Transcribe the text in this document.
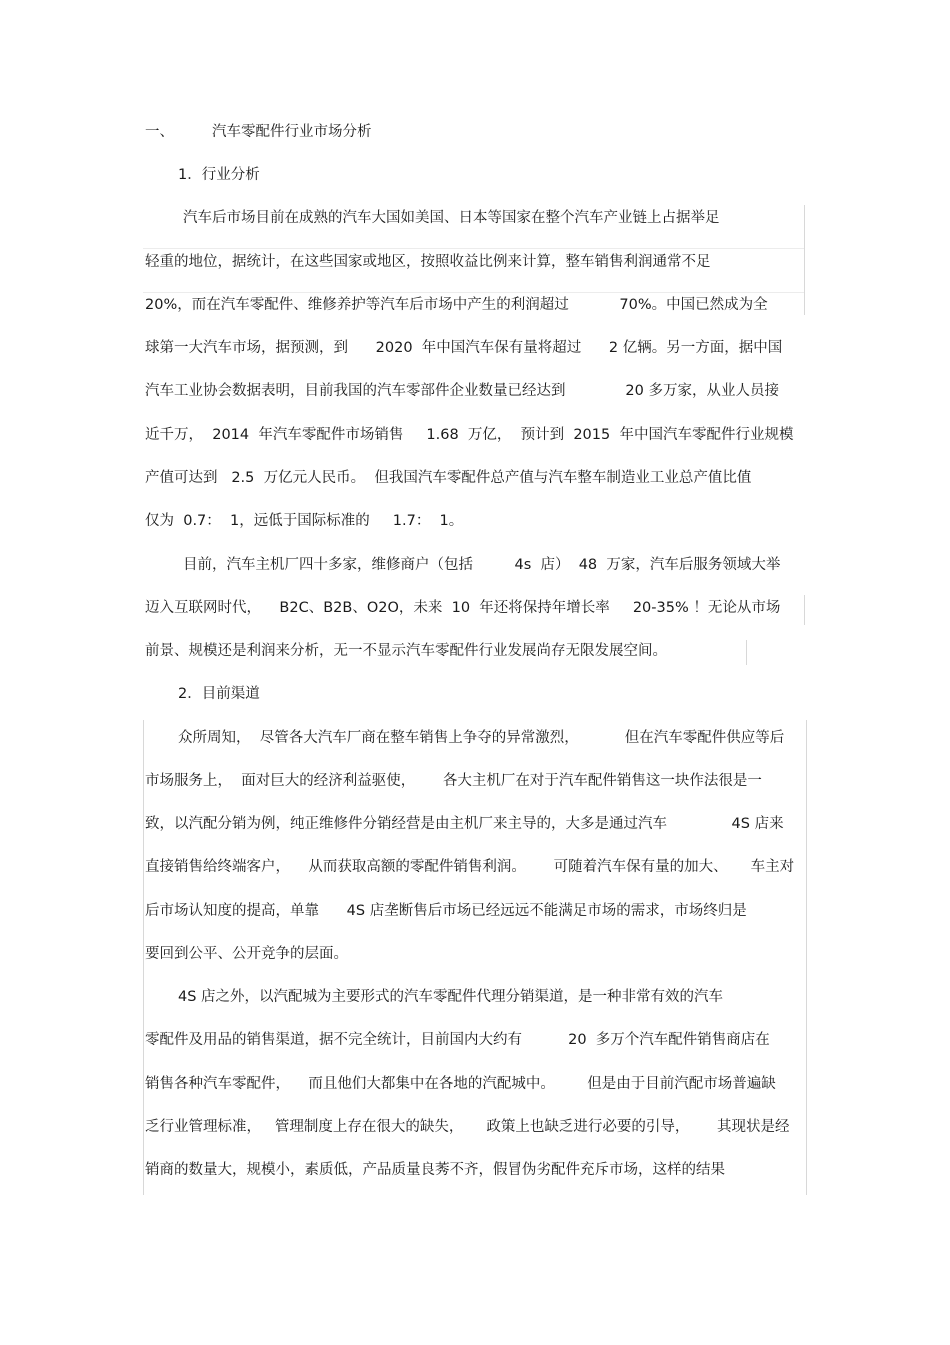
一、	汽车零配件行业市场分析
1．行业分析
汽车后市场目前在成熟的汽车大国如美国、日本等国家在整个汽车产业链上占据举足
轻重的地位，据统计，在这些国家或地区，按照收益比例来计算，整车销售利润通常不足
20%，而在汽车零配件、维修养护等汽车后市场中产生的利润超过           70%。中国已然成为全
球第一大汽车市场，据预测，到      2020  年中国汽车保有量将超过      2 亿辆。另一方面，据中国
汽车工业协会数据表明，目前我国的汽车零部件企业数量已经达到             20 多万家，从业人员接
近千万，  2014  年汽车零配件市场销售     1.68  万亿，  预计到  2015  年中国汽车零配件行业规模
产值可达到   2.5  万亿元人民币。  但我国汽车零配件总产值与汽车整车制造业工业总产值比值
仅为  0.7：  1，远低于国际标准的     1.7：  1。
目前，汽车主机厂四十多家，维修商户（包括         4s  店）  48  万家，汽车后服务领域大举
迈入互联网时代，    B2C、B2B、O2O，未来  10  年还将保持年增长率     20-35% ！无论从市场
前景、规模还是利润来分析，无一不显示汽车零配件行业发展尚存无限发展空间。
2．目前渠道
众所周知，  尽管各大汽车厂商在整车销售上争夺的异常激烈，          但在汽车零配件供应等后
市场服务上，  面对巨大的经济利益驱使，      各大主机厂在对于汽车配件销售这一块作法很是一
致，以汽配分销为例，纯正维修件分销经营是由主机厂来主导的，大多是通过汽车              4S 店来
直接销售给终端客户，    从而获取高额的零配件销售利润。      可随着汽车保有量的加大、     车主对
后市场认知度的提高，单靠      4S 店垄断售后市场已经远远不能满足市场的需求，市场终归是
要回到公平、公开竞争的层面。
4S 店之外，以汽配城为主要形式的汽车零配件代理分销渠道，是一种非常有效的汽车
零配件及用品的销售渠道，据不完全统计，目前国内大约有          20  多万个汽车配件销售商店在
销售各种汽车零配件，    而且他们大都集中在各地的汽配城中。       但是由于目前汽配市场普遍缺
乏行业管理标准，   管理制度上存在很大的缺失，     政策上也缺乏进行必要的引导，      其现状是经
销商的数量大，规模小，素质低，产品质量良莠不齐，假冒伪劣配件充斥市场，这样的结果
